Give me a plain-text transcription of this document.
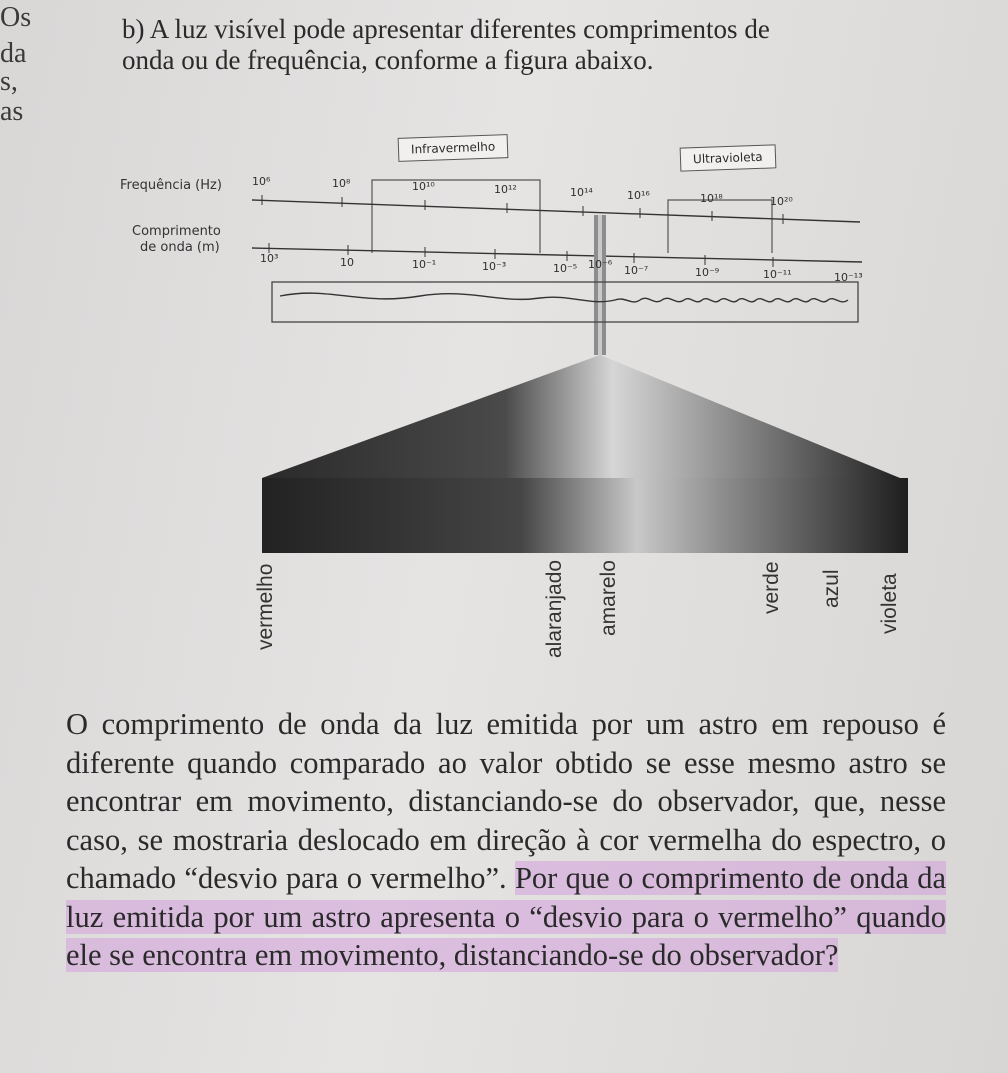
Os
da
s,
as
b) A luz visível pode apresentar diferentes comprimentos de
onda ou de frequência, conforme a figura abaixo.
Infravermelho
Ultravioleta
Frequência (Hz)
Comprimento
de onda (m)
10⁶	10⁸	10¹⁰	10¹²	10¹⁴	10¹⁶	10¹⁸	10²⁰
10³	10	10⁻¹	10⁻³	10⁻⁵ 10⁻⁶ 10⁻⁷	10⁻⁹	10⁻¹¹	10⁻¹³
vermelho	alaranjado amarelo	verde azul violeta
O comprimento de onda da luz emitida por um astro em repouso é diferente quando comparado ao valor obtido se esse mesmo astro se encontrar em movimento, distanciando-se do observador, que, nesse caso, se mostraria deslocado em direção à cor vermelha do espectro, o chamado “desvio para o vermelho”. Por que o comprimento de onda da luz emitida por um astro apresenta o “desvio para o vermelho” quando ele se encontra em movimento, distanciando-se do observador?
